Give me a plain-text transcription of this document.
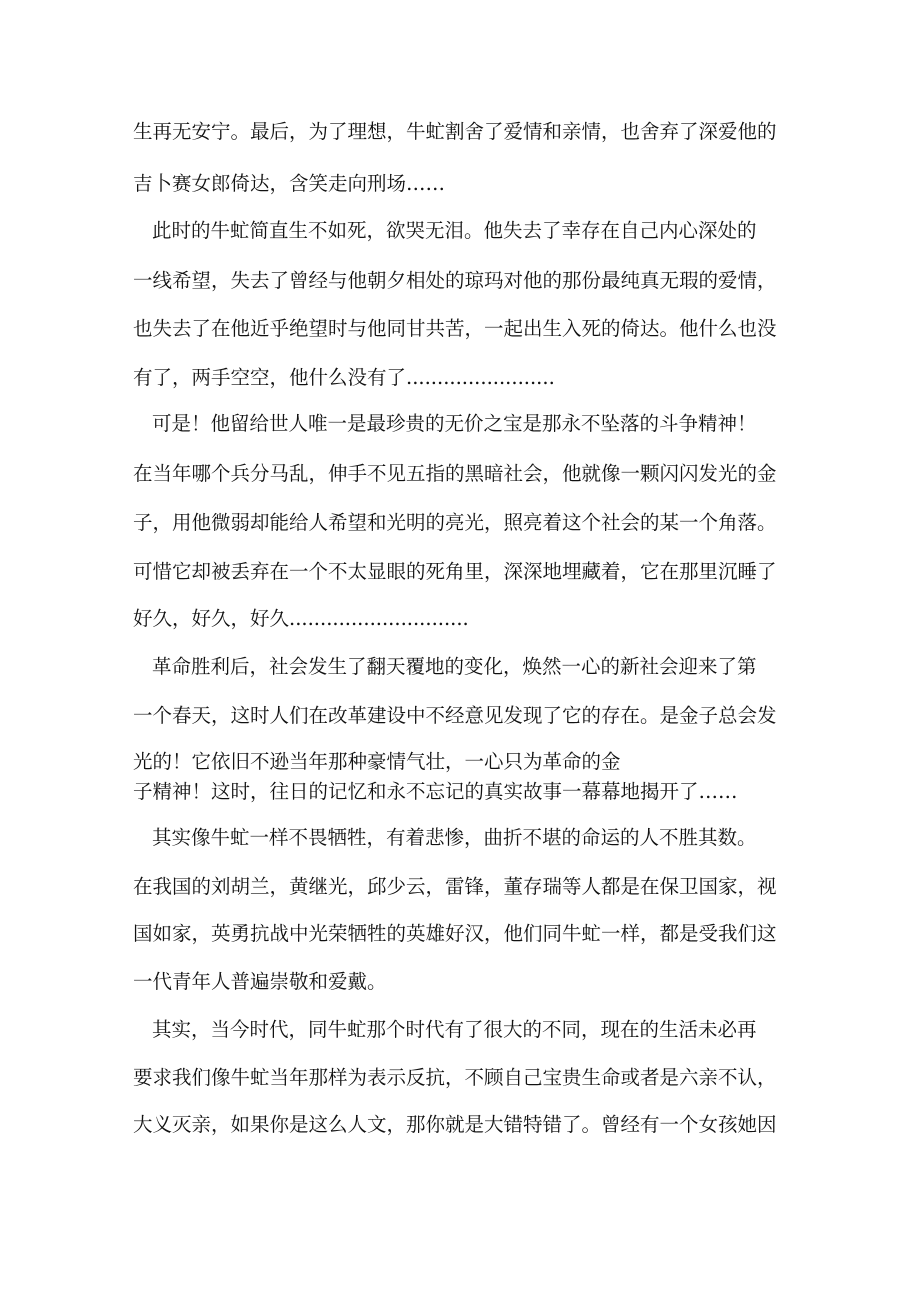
生再无安宁。最后，为了理想，牛虻割舍了爱情和亲情，也舍弃了深爱他的
吉卜赛女郎倚达，含笑走向刑场……
此时的牛虻简直生不如死，欲哭无泪。他失去了幸存在自己内心深处的
一线希望，失去了曾经与他朝夕相处的琼玛对他的那份最纯真无瑕的爱情，
也失去了在他近乎绝望时与他同甘共苦，一起出生入死的倚达。他什么也没
有了，两手空空，他什么没有了........................
可是！他留给世人唯一是最珍贵的无价之宝是那永不坠落的斗争精神！
在当年哪个兵分马乱，伸手不见五指的黑暗社会，他就像一颗闪闪发光的金
子，用他微弱却能给人希望和光明的亮光，照亮着这个社会的某一个角落。
可惜它却被丢弃在一个不太显眼的死角里，深深地埋藏着，它在那里沉睡了
好久，好久，好久.............................
革命胜利后，社会发生了翻天覆地的变化，焕然一心的新社会迎来了第
一个春天，这时人们在改革建设中不经意见发现了它的存在。是金子总会发
光的！它依旧不逊当年那种豪情气壮，一心只为革命的金
子精神！这时，往日的记忆和永不忘记的真实故事一幕幕地揭开了……
其实像牛虻一样不畏牺牲，有着悲惨，曲折不堪的命运的人不胜其数。
在我国的刘胡兰，黄继光，邱少云，雷锋，董存瑞等人都是在保卫国家，视
国如家，英勇抗战中光荣牺牲的英雄好汉，他们同牛虻一样，都是受我们这
一代青年人普遍崇敬和爱戴。
其实，当今时代，同牛虻那个时代有了很大的不同，现在的生活未必再
要求我们像牛虻当年那样为表示反抗，不顾自己宝贵生命或者是六亲不认，
大义灭亲，如果你是这么人文，那你就是大错特错了。曾经有一个女孩她因
